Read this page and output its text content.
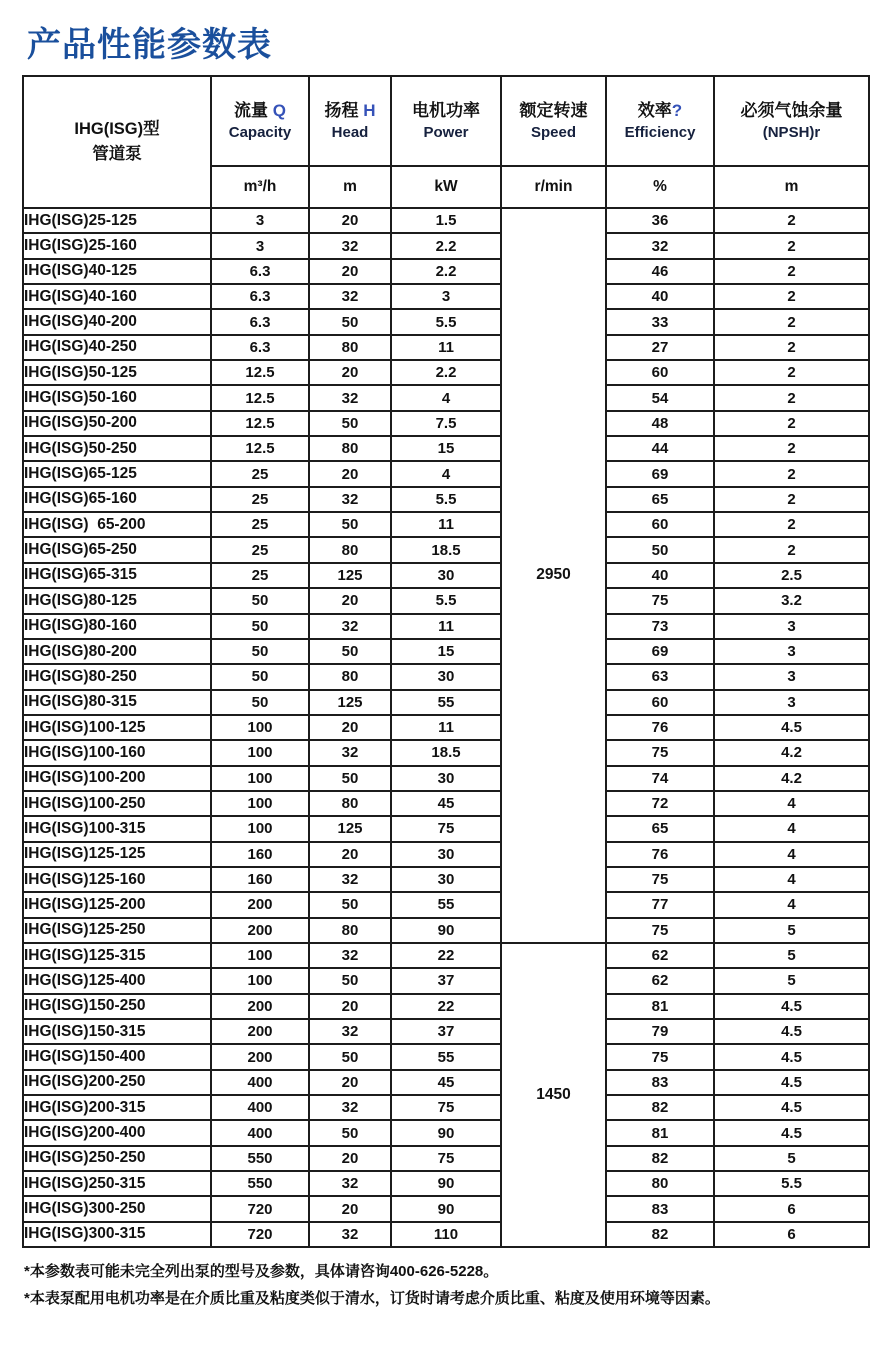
产品性能参数表
IHG(ISG)型
管道泵

流量 Q
Capacity

扬程 H
Head

电机功率
Power

额定转速
Speed

效率?
Efficiency

必须气蚀余量
(NPSH)r

	m³/h	m	kW	r/min	%	m
IHG(ISG)25-125	3	20	1.5	2950	36	2
IHG(ISG)25-160	3	32	2.2		32	2
IHG(ISG)40-125	6.3	20	2.2		46	2
IHG(ISG)40-160	6.3	32	3		40	2
IHG(ISG)40-200	6.3	50	5.5		33	2
IHG(ISG)40-250	6.3	80	11		27	2
IHG(ISG)50-125	12.5	20	2.2		60	2
IHG(ISG)50-160	12.5	32	4		54	2
IHG(ISG)50-200	12.5	50	7.5		48	2
IHG(ISG)50-250	12.5	80	15		44	2
IHG(ISG)65-125	25	20	4		69	2
IHG(ISG)65-160	25	32	5.5		65	2
IHG(ISG)  65-200	25	50	11		60	2
IHG(ISG)65-250	25	80	18.5		50	2
IHG(ISG)65-315	25	125	30		40	2.5
IHG(ISG)80-125	50	20	5.5		75	3.2
IHG(ISG)80-160	50	32	11		73	3
IHG(ISG)80-200	50	50	15		69	3
IHG(ISG)80-250	50	80	30		63	3
IHG(ISG)80-315	50	125	55		60	3
IHG(ISG)100-125	100	20	11		76	4.5
IHG(ISG)100-160	100	32	18.5		75	4.2
IHG(ISG)100-200	100	50	30		74	4.2
IHG(ISG)100-250	100	80	45		72	4
IHG(ISG)100-315	100	125	75		65	4
IHG(ISG)125-125	160	20	30		76	4
IHG(ISG)125-160	160	32	30		75	4
IHG(ISG)125-200	200	50	55		77	4
IHG(ISG)125-250	200	80	90		75	5
IHG(ISG)125-315	100	32	22	1450	62	5
IHG(ISG)125-400	100	50	37		62	5
IHG(ISG)150-250	200	20	22		81	4.5
IHG(ISG)150-315	200	32	37		79	4.5
IHG(ISG)150-400	200	50	55		75	4.5
IHG(ISG)200-250	400	20	45		83	4.5
IHG(ISG)200-315	400	32	75		82	4.5
IHG(ISG)200-400	400	50	90		81	4.5
IHG(ISG)250-250	550	20	75		82	5
IHG(ISG)250-315	550	32	90		80	5.5
IHG(ISG)300-250	720	20	90		83	6
IHG(ISG)300-315	720	32	110		82	6
*本参数表可能未完全列出泵的型号及参数，具体请咨询400-626-5228。
*本表泵配用电机功率是在介质比重及粘度类似于清水，订货时请考虑介质比重、粘度及使用环境等因素。
